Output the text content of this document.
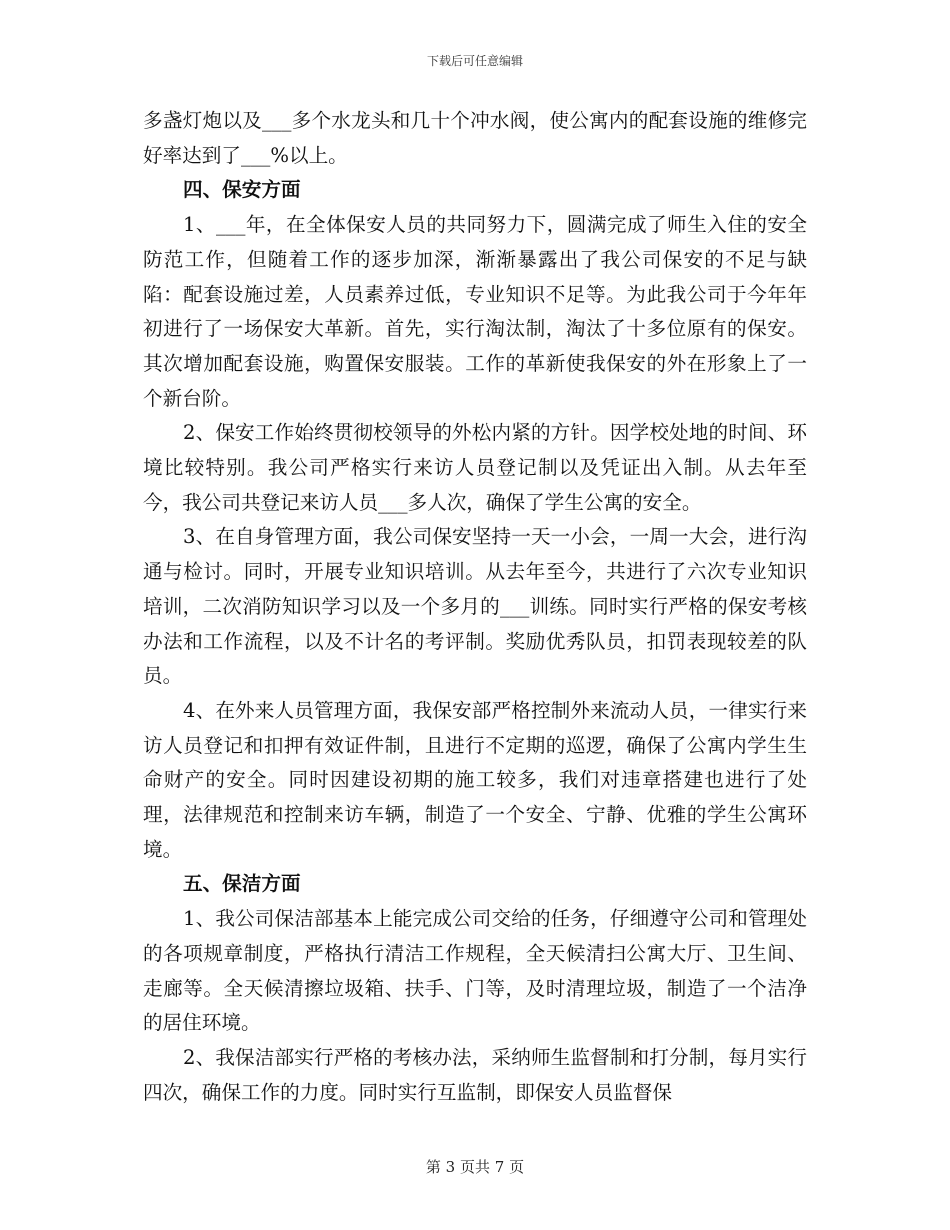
下载后可任意编辑

多盏灯炮以及___多个水龙头和几十个冲水阀，使公寓内的配套设施的维修完好率达到了___%以上。

四、保安方面

1、___年，在全体保安人员的共同努力下，圆满完成了师生入住的安全防范工作，但随着工作的逐步加深，渐渐暴露出了我公司保安的不足与缺陷：配套设施过差，人员素养过低，专业知识不足等。为此我公司于今年年初进行了一场保安大革新。首先，实行淘汰制，淘汰了十多位原有的保安。其次增加配套设施，购置保安服装。工作的革新使我保安的外在形象上了一个新台阶。

2、保安工作始终贯彻校领导的外松内紧的方针。因学校处地的时间、环境比较特别。我公司严格实行来访人员登记制以及凭证出入制。从去年至今，我公司共登记来访人员___多人次，确保了学生公寓的安全。

3、在自身管理方面，我公司保安坚持一天一小会，一周一大会，进行沟通与检讨。同时，开展专业知识培训。从去年至今，共进行了六次专业知识培训，二次消防知识学习以及一个多月的___训练。同时实行严格的保安考核办法和工作流程，以及不计名的考评制。奖励优秀队员，扣罚表现较差的队员。

4、在外来人员管理方面，我保安部严格控制外来流动人员，一律实行来访人员登记和扣押有效证件制，且进行不定期的巡逻，确保了公寓内学生生命财产的安全。同时因建设初期的施工较多，我们对违章搭建也进行了处理，法律规范和控制来访车辆，制造了一个安全、宁静、优雅的学生公寓环境。

五、保洁方面

1、我公司保洁部基本上能完成公司交给的任务，仔细遵守公司和管理处的各项规章制度，严格执行清洁工作规程，全天候清扫公寓大厅、卫生间、走廊等。全天候清擦垃圾箱、扶手、门等，及时清理垃圾，制造了一个洁净的居住环境。

2、我保洁部实行严格的考核办法，采纳师生监督制和打分制，每月实行四次，确保工作的力度。同时实行互监制，即保安人员监督保

第 3 页共 7 页
